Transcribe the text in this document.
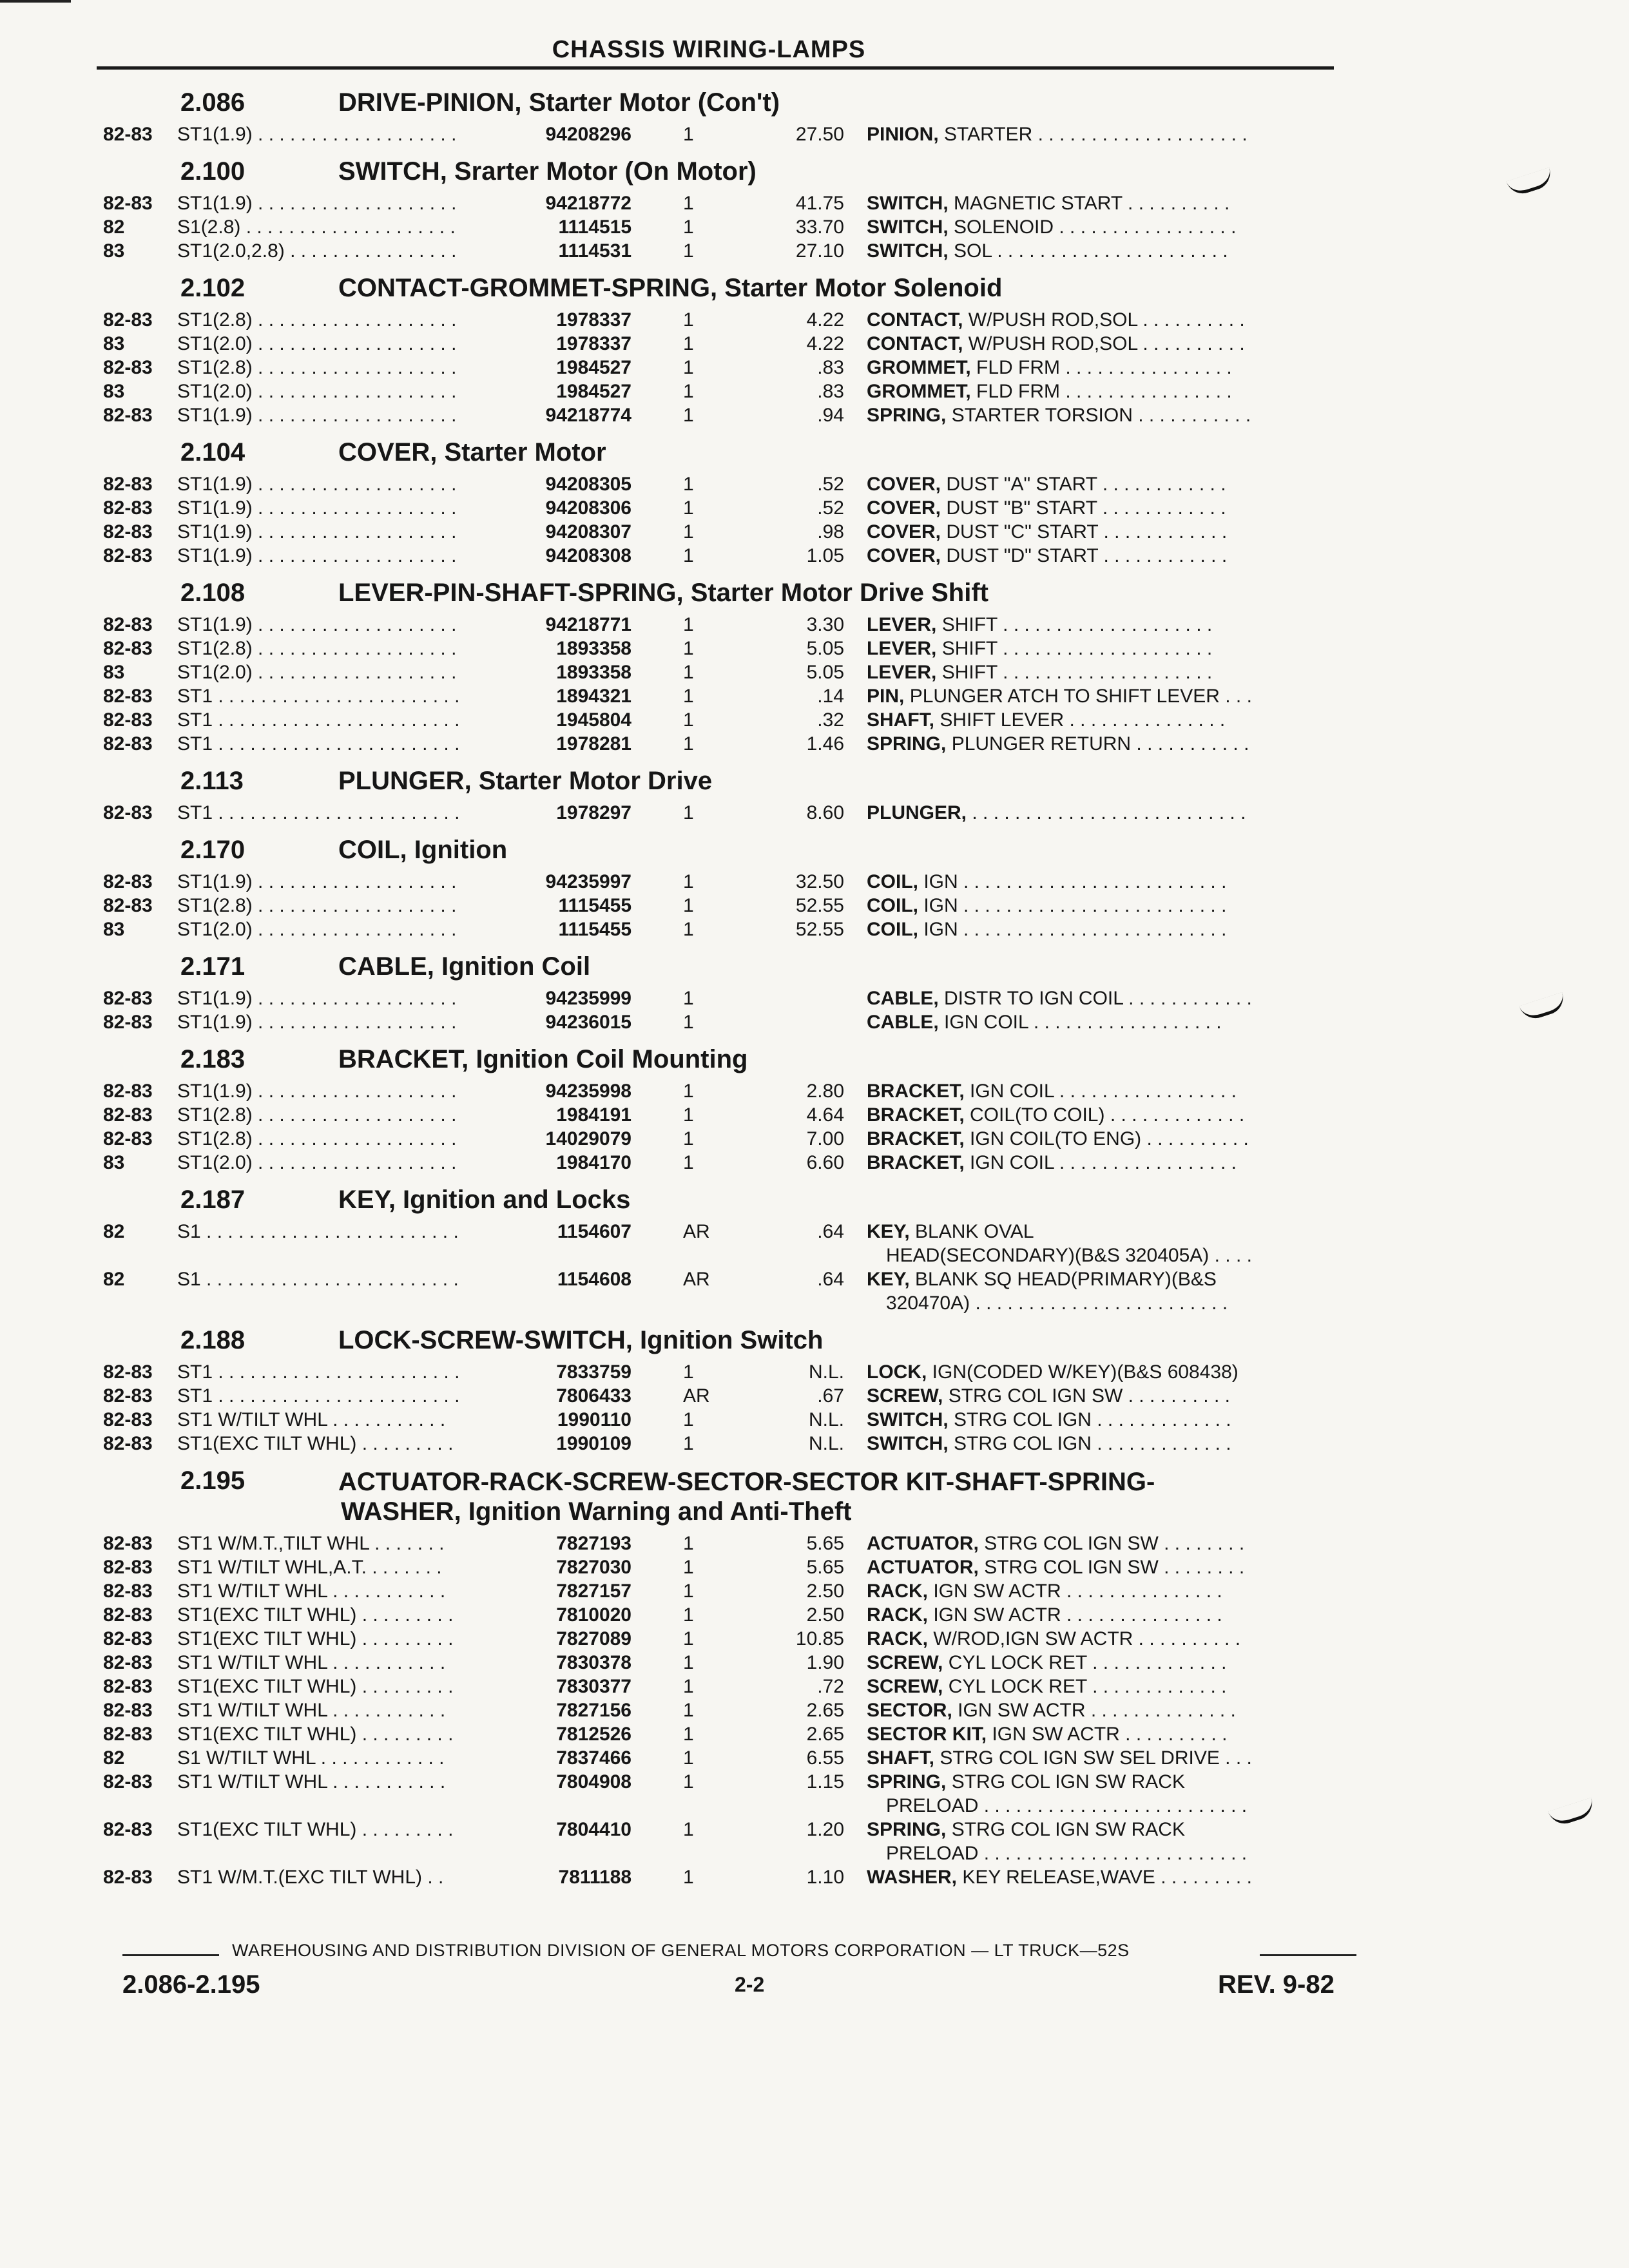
CHASSIS WIRING-LAMPS
2.086	DRIVE-PINION, Starter Motor (Con't)
82-83	ST1(1.9) . . . . . . . . . . . . . . . . . . .	94208296	1	27.50 PINION, STARTER . . . . . . . . . . . . . . . . . . . .
2.100	SWITCH, Srarter Motor (On Motor)
82-83	ST1(1.9) . . . . . . . . . . . . . . . . . . .	94218772	1	41.75 SWITCH, MAGNETIC START . . . . . . . . . .
82	S1(2.8) . . . . . . . . . . . . . . . . . . . .	1114515	1	33.70 SWITCH, SOLENOID . . . . . . . . . . . . . . . . .
83	ST1(2.0,2.8) . . . . . . . . . . . . . . . .	1114531	1	27.10 SWITCH, SOL . . . . . . . . . . . . . . . . . . . . . .
2.102	CONTACT-GROMMET-SPRING, Starter Motor Solenoid
82-83	ST1(2.8) . . . . . . . . . . . . . . . . . . .	1978337	1	4.22 CONTACT, W/PUSH ROD,SOL . . . . . . . . . .
83	ST1(2.0) . . . . . . . . . . . . . . . . . . .	1978337	1	4.22 CONTACT, W/PUSH ROD,SOL . . . . . . . . . .
82-83	ST1(2.8) . . . . . . . . . . . . . . . . . . .	1984527	1	.83 GROMMET, FLD FRM . . . . . . . . . . . . . . . .
83	ST1(2.0) . . . . . . . . . . . . . . . . . . .	1984527	1	.83 GROMMET, FLD FRM . . . . . . . . . . . . . . . .
82-83	ST1(1.9) . . . . . . . . . . . . . . . . . . .	94218774	1	.94 SPRING, STARTER TORSION . . . . . . . . . . .
2.104	COVER, Starter Motor
82-83	ST1(1.9) . . . . . . . . . . . . . . . . . . .	94208305	1	.52 COVER, DUST "A" START . . . . . . . . . . . .
82-83	ST1(1.9) . . . . . . . . . . . . . . . . . . .	94208306	1	.52 COVER, DUST "B" START . . . . . . . . . . . .
82-83	ST1(1.9) . . . . . . . . . . . . . . . . . . .	94208307	1	.98 COVER, DUST "C" START . . . . . . . . . . . .
82-83	ST1(1.9) . . . . . . . . . . . . . . . . . . .	94208308	1	1.05 COVER, DUST "D" START . . . . . . . . . . . .
2.108	LEVER-PIN-SHAFT-SPRING, Starter Motor Drive Shift
82-83	ST1(1.9) . . . . . . . . . . . . . . . . . . .	94218771	1	3.30 LEVER, SHIFT . . . . . . . . . . . . . . . . . . . .
82-83	ST1(2.8) . . . . . . . . . . . . . . . . . . .	1893358	1	5.05 LEVER, SHIFT . . . . . . . . . . . . . . . . . . . .
83	ST1(2.0) . . . . . . . . . . . . . . . . . . .	1893358	1	5.05 LEVER, SHIFT . . . . . . . . . . . . . . . . . . . .
82-83	ST1 . . . . . . . . . . . . . . . . . . . . . . .	1894321	1	.14 PIN, PLUNGER ATCH TO SHIFT LEVER . . .
82-83	ST1 . . . . . . . . . . . . . . . . . . . . . . .	1945804	1	.32 SHAFT, SHIFT LEVER . . . . . . . . . . . . . . .
82-83	ST1 . . . . . . . . . . . . . . . . . . . . . . .	1978281	1	1.46 SPRING, PLUNGER RETURN . . . . . . . . . . .
2.113	PLUNGER, Starter Motor Drive
82-83	ST1 . . . . . . . . . . . . . . . . . . . . . . .	1978297	1	8.60 PLUNGER, . . . . . . . . . . . . . . . . . . . . . . . . . .
2.170	COIL, Ignition
82-83	ST1(1.9) . . . . . . . . . . . . . . . . . . .	94235997	1	32.50 COIL, IGN . . . . . . . . . . . . . . . . . . . . . . . . .
82-83	ST1(2.8) . . . . . . . . . . . . . . . . . . .	1115455	1	52.55 COIL, IGN . . . . . . . . . . . . . . . . . . . . . . . . .
83	ST1(2.0) . . . . . . . . . . . . . . . . . . .	1115455	1	52.55 COIL, IGN . . . . . . . . . . . . . . . . . . . . . . . . .
2.171	CABLE, Ignition Coil
82-83	ST1(1.9) . . . . . . . . . . . . . . . . . . .	94235999	1	CABLE, DISTR TO IGN COIL . . . . . . . . . . . .
82-83	ST1(1.9) . . . . . . . . . . . . . . . . . . .	94236015	1	CABLE, IGN COIL . . . . . . . . . . . . . . . . . .
2.183	BRACKET, Ignition Coil Mounting
82-83	ST1(1.9) . . . . . . . . . . . . . . . . . . .	94235998	1	2.80 BRACKET, IGN COIL . . . . . . . . . . . . . . . . .
82-83	ST1(2.8) . . . . . . . . . . . . . . . . . . .	1984191	1	4.64 BRACKET, COIL(TO COIL) . . . . . . . . . . . . .
82-83	ST1(2.8) . . . . . . . . . . . . . . . . . . .	14029079	1	7.00 BRACKET, IGN COIL(TO ENG) . . . . . . . . . .
83	ST1(2.0) . . . . . . . . . . . . . . . . . . .	1984170	1	6.60 BRACKET, IGN COIL . . . . . . . . . . . . . . . . .
2.187	KEY, Ignition and Locks
82	S1 . . . . . . . . . . . . . . . . . . . . . . . .	1154607	AR	.64 KEY, BLANK OVAL
HEAD(SECONDARY)(B&S 320405A) . . . .
82	S1 . . . . . . . . . . . . . . . . . . . . . . . .	1154608	AR	.64 KEY, BLANK SQ HEAD(PRIMARY)(B&S
320470A) . . . . . . . . . . . . . . . . . . . . . . . .
2.188	LOCK-SCREW-SWITCH, Ignition Switch
82-83	ST1 . . . . . . . . . . . . . . . . . . . . . . .	7833759	1	N.L. LOCK, IGN(CODED W/KEY)(B&S 608438)
82-83	ST1 . . . . . . . . . . . . . . . . . . . . . . .	7806433	AR	.67 SCREW, STRG COL IGN SW . . . . . . . . . .
82-83	ST1 W/TILT WHL . . . . . . . . . . .	1990110	1	N.L. SWITCH, STRG COL IGN . . . . . . . . . . . . .
82-83	ST1(EXC TILT WHL) . . . . . . . . .	1990109	1	N.L. SWITCH, STRG COL IGN . . . . . . . . . . . . .
2.195	ACTUATOR-RACK-SCREW-SECTOR-SECTOR KIT-SHAFT-SPRING-
WASHER, Ignition Warning and Anti-Theft
82-83	ST1 W/M.T.,TILT WHL . . . . . . .	7827193	1	5.65 ACTUATOR, STRG COL IGN SW . . . . . . . .
82-83	ST1 W/TILT WHL,A.T. . . . . . . .	7827030	1	5.65 ACTUATOR, STRG COL IGN SW . . . . . . . .
82-83	ST1 W/TILT WHL . . . . . . . . . . .	7827157	1	2.50 RACK, IGN SW ACTR . . . . . . . . . . . . . . .
82-83	ST1(EXC TILT WHL) . . . . . . . . .	7810020	1	2.50 RACK, IGN SW ACTR . . . . . . . . . . . . . . .
82-83	ST1(EXC TILT WHL) . . . . . . . . .	7827089	1	10.85 RACK, W/ROD,IGN SW ACTR . . . . . . . . . .
82-83	ST1 W/TILT WHL . . . . . . . . . . .	7830378	1	1.90 SCREW, CYL LOCK RET . . . . . . . . . . . . .
82-83	ST1(EXC TILT WHL) . . . . . . . . .	7830377	1	.72 SCREW, CYL LOCK RET . . . . . . . . . . . . .
82-83	ST1 W/TILT WHL . . . . . . . . . . .	7827156	1	2.65 SECTOR, IGN SW ACTR . . . . . . . . . . . . . .
82-83	ST1(EXC TILT WHL) . . . . . . . . .	7812526	1	2.65 SECTOR KIT, IGN SW ACTR . . . . . . . . . .
82	S1 W/TILT WHL . . . . . . . . . . . .	7837466	1	6.55 SHAFT, STRG COL IGN SW SEL DRIVE . . .
82-83	ST1 W/TILT WHL . . . . . . . . . . .	7804908	1	1.15 SPRING, STRG COL IGN SW RACK
PRELOAD . . . . . . . . . . . . . . . . . . . . . . . . .
82-83	ST1(EXC TILT WHL) . . . . . . . . .	7804410	1	1.20 SPRING, STRG COL IGN SW RACK
PRELOAD . . . . . . . . . . . . . . . . . . . . . . . . .
82-83	ST1 W/M.T.(EXC TILT WHL) . .	7811188	1	1.10 WASHER, KEY RELEASE,WAVE . . . . . . . . .
WAREHOUSING AND DISTRIBUTION DIVISION OF GENERAL MOTORS CORPORATION — LT TRUCK—52S
2.086-2.195	2-2	REV. 9-82
